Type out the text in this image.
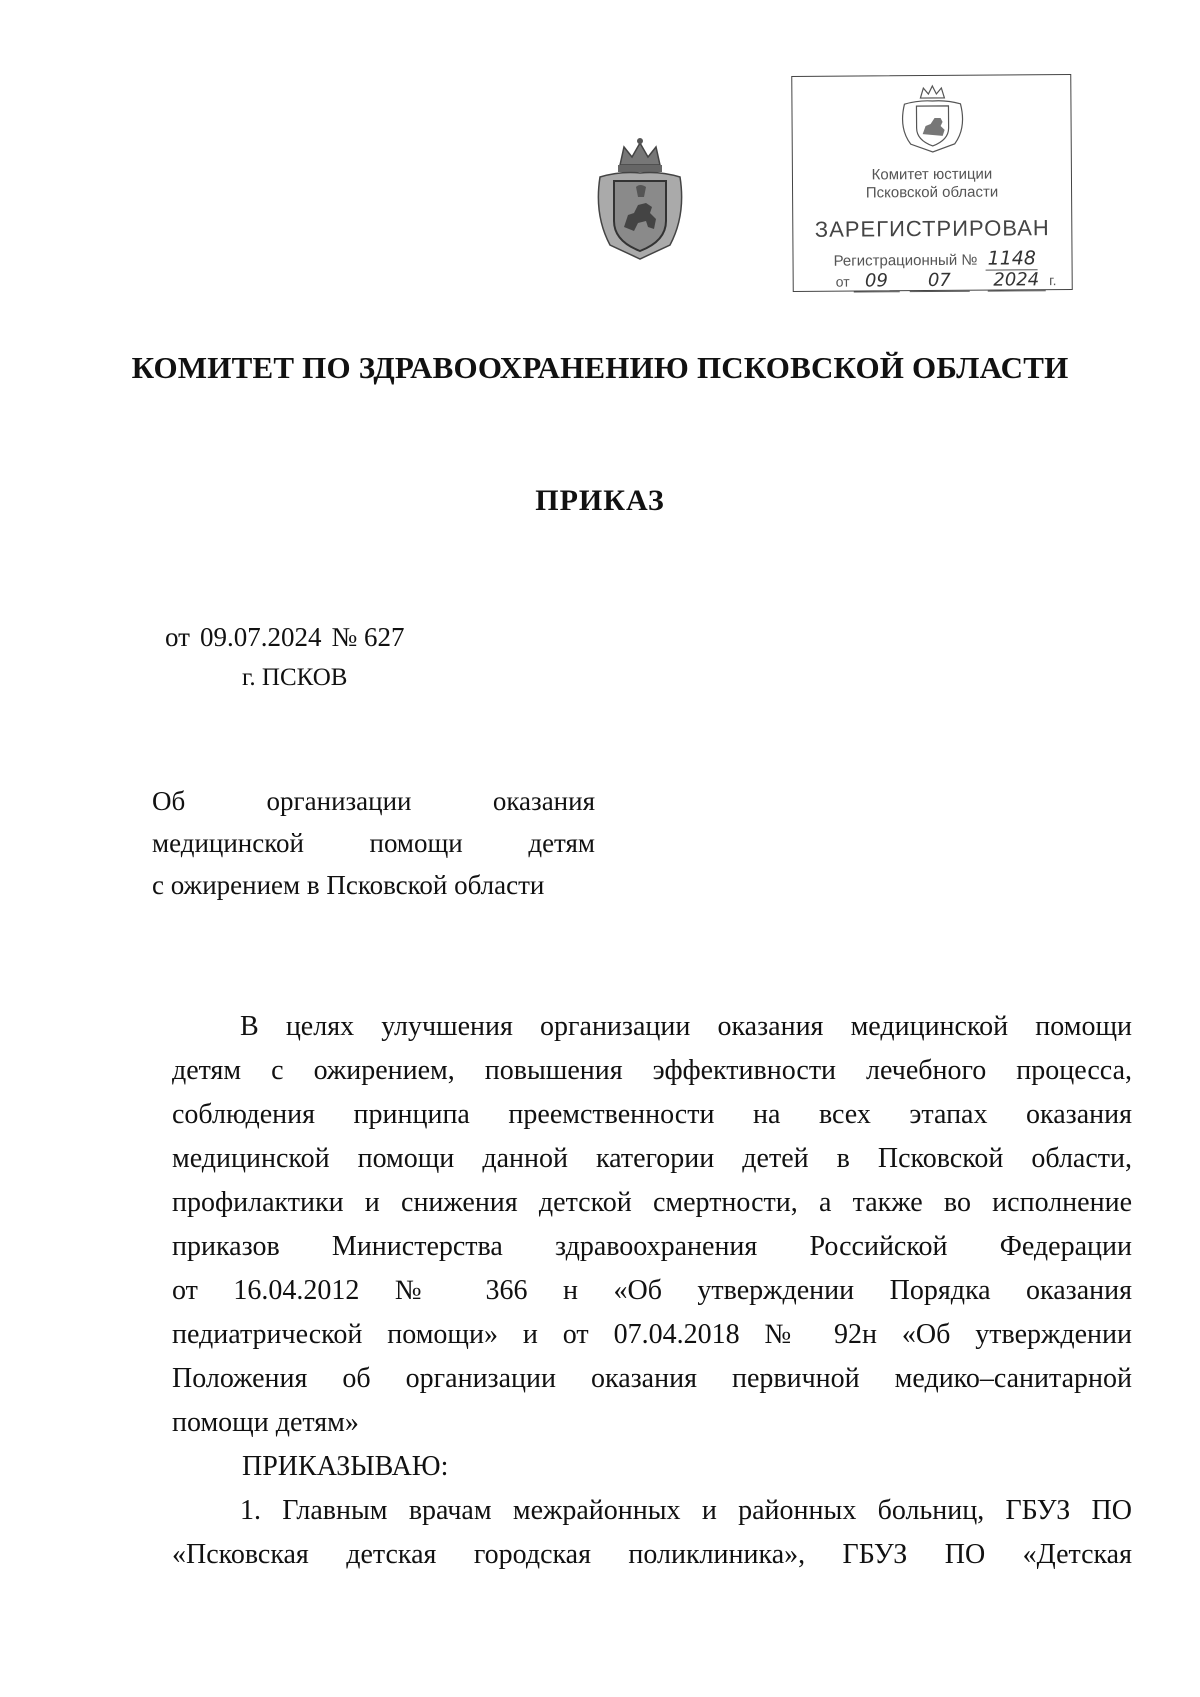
Комитет юстиции
Псковской области
ЗАРЕГИСТРИРОВАН
Регистрационный № 1148
от 09 07 2024 г.
КОМИТЕТ ПО ЗДРАВООХРАНЕНИЮ ПСКОВСКОЙ ОБЛАСТИ
ПРИКАЗ
от 09.07.2024 № 627
г. ПСКОВ
Об организации оказания
медицинской помощи детям
с ожирением в Псковской области
В целях улучшения организации оказания медицинской помощи
детям с ожирением, повышения эффективности лечебного процесса,
соблюдения принципа преемственности на всех этапах оказания
медицинской помощи данной категории детей в Псковской области,
профилактики и снижения детской смертности, а также во исполнение
приказов Министерства здравоохранения Российской Федерации
от 16.04.2012 № 366 н «Об утверждении Порядка оказания
педиатрической помощи» и от 07.04.2018 № 92н «Об утверждении
Положения об организации оказания первичной медико–санитарной
помощи детям»
ПРИКАЗЫВАЮ:
1. Главным врачам межрайонных и районных больниц, ГБУЗ ПО
«Псковская детская городская поликлиника», ГБУЗ ПО «Детская
